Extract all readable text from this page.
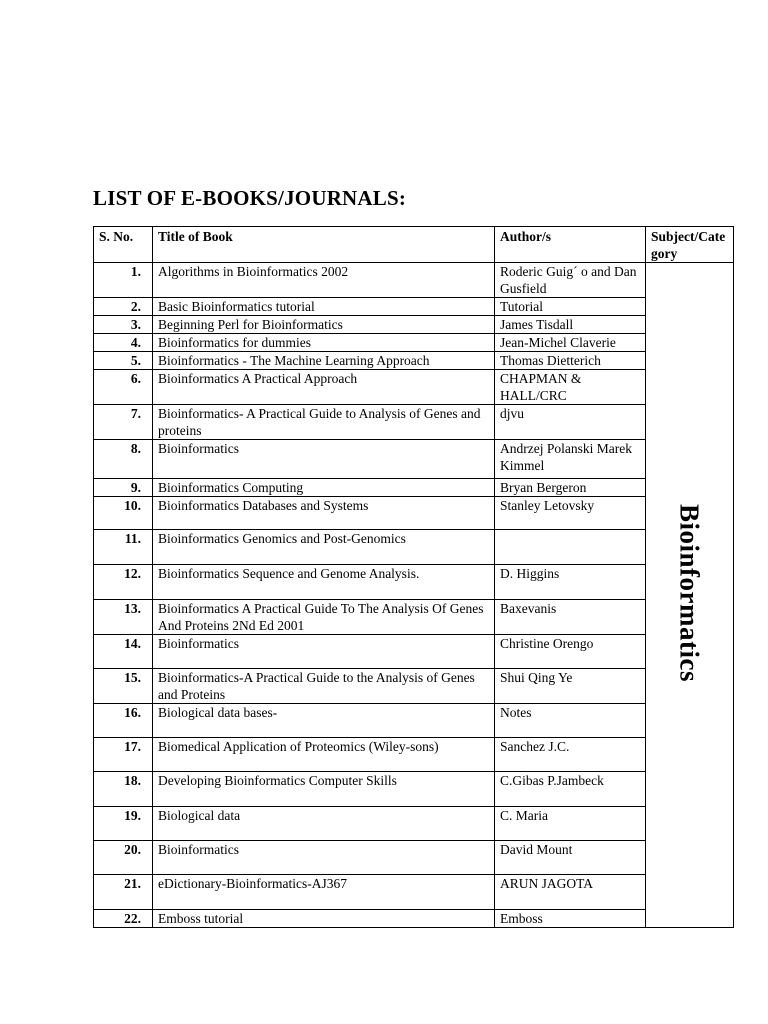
LIST OF E-BOOKS/JOURNALS:
S. No.	Title of Book	Author/s	Subject/Category
1.	Algorithms in Bioinformatics 2002	Roderic Guig´ o and Dan Gusfield	Bioinformatics
2.	Basic Bioinformatics tutorial	Tutorial	
3.	Beginning Perl for Bioinformatics	James Tisdall	
4.	Bioinformatics for dummies	Jean-Michel Claverie	
5.	Bioinformatics - The Machine Learning Approach	Thomas Dietterich	
6.	Bioinformatics A Practical Approach	CHAPMAN & HALL/CRC	
7.	Bioinformatics- A Practical Guide to Analysis of Genes and proteins	djvu	
8.	Bioinformatics	Andrzej Polanski Marek Kimmel	
9.	Bioinformatics Computing	Bryan Bergeron	
10.	Bioinformatics Databases and Systems	Stanley Letovsky	
11.	Bioinformatics Genomics and Post-Genomics		
12.	Bioinformatics Sequence and Genome Analysis.	D. Higgins	
13.	Bioinformatics A Practical Guide To The Analysis Of Genes And Proteins 2Nd Ed 2001	Baxevanis	
14.	Bioinformatics	Christine Orengo	
15.	Bioinformatics-A Practical Guide to the Analysis of Genes and Proteins	Shui Qing Ye	
16.	Biological data bases-	Notes	
17.	Biomedical Application of Proteomics (Wiley-sons)	Sanchez J.C.	
18.	Developing Bioinformatics Computer Skills	C.Gibas P.Jambeck	
19.	Biological data	C. Maria	
20.	Bioinformatics	David Mount	
21.	eDictionary-Bioinformatics-AJ367	ARUN JAGOTA	
22.	Emboss tutorial	Emboss	
